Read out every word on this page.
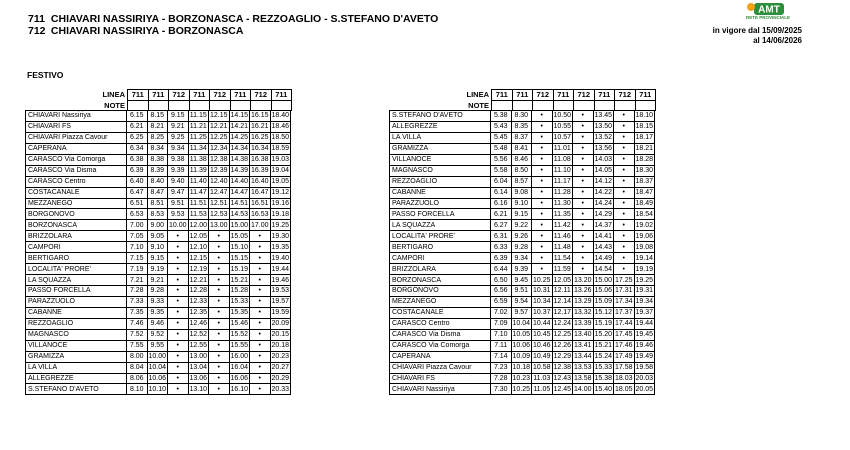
711 CHIAVARI NASSIRIYA - BORZONASCA - REZZOAGLIO - S.STEFANO D'AVETO
712 CHIAVARI NASSIRIYA - BORZONASCA
AMT
RETE PROVINCIALE
in vigore dal 15/09/2025
al 14/06/2026
FESTIVO
LINEA	711	711	712	711	712	711	712	711
NOTE								
CHIAVARI Nassiriya	6.15	8.15	9.15	11.15	12.15	14.15	16.15	18.40
CHIAVARI FS	6.21	8.21	9.21	11.21	12.21	14.21	16.21	18.46
CHIAVARI Piazza Cavour	6.25	8.25	9.25	11.25	12.25	14.25	16.25	18.50
CAPERANA	6.34	8.34	9.34	11.34	12.34	14.34	16.34	18.59
CARASCO Via Comorga	6.38	8.38	9.38	11.38	12.38	14.38	16.38	19.03
CARASCO Via Disma	6.39	8.39	9.39	11.39	12.39	14.39	16.39	19.04
CARASCO Centro	6.40	8.40	9.40	11.40	12.40	14.40	16.40	19.05
COSTACANALE	6.47	8.47	9.47	11.47	12.47	14.47	16.47	19.12
MEZZANEGO	6.51	8.51	9.51	11.51	12.51	14.51	16.51	19.16
BORGONOVO	6.53	8.53	9.53	11.53	12.53	14.53	16.53	19.18
BORZONASCA	7.00	9.00	10.00	12.00	13.00	15.00	17.00	19.25
BRIZZOLARA	7.05	9.05	•	12.05	•	15.05	•	19.30
CAMPORI	7.10	9.10	•	12.10	•	15.10	•	19.35
BERTIGARO	7.15	9.15	•	12.15	•	15.15	•	19.40
LOCALITA' PRORE'	7.19	9.19	•	12.19	•	15.19	•	19.44
LA SQUAZZA	7.21	9.21	•	12.21	•	15.21	•	19.46
PASSO FORCELLA	7.28	9.28	•	12.28	•	15.28	•	19.53
PARAZZUOLO	7.33	9.33	•	12.33	•	15.33	•	19.57
CABANNE	7.35	9.35	•	12.35	•	15.35	•	19.59
REZZOAGLIO	7.46	9.46	•	12.46	•	15.46	•	20.09
MAGNASCO	7.52	9.52	•	12.52	•	15.52	•	20.15
VILLANOCE	7.55	9.55	•	12.55	•	15.55	•	20.18
GRAMIZZA	8.00	10.00	•	13.00	•	16.00	•	20.23
LA VILLA	8.04	10.04	•	13.04	•	16.04	•	20.27
ALLEGREZZE	8.06	10.06	•	13.06	•	16.06	•	20.29
S.STEFANO D'AVETO	8.10	10.10	•	13.10	•	16.10	•	20.33
LINEA	711	711	712	711	712	711	712	711
NOTE								
S.STEFANO D'AVETO	5.38	8.30	•	10.50	•	13.45	•	18.10
ALLEGREZZE	5.43	8.35	•	10.55	•	13.50	•	18.15
LA VILLA	5.45	8.37	•	10.57	•	13.52	•	18.17
GRAMIZZA	5.48	8.41	•	11.01	•	13.56	•	18.21
VILLANOCE	5.56	8.46	•	11.08	•	14.03	•	18.28
MAGNASCO	5.58	8.50	•	11.10	•	14.05	•	18.30
REZZOAGLIO	6.04	8.57	•	11.17	•	14.12	•	18.37
CABANNE	6.14	9.08	•	11.28	•	14.22	•	18.47
PARAZZUOLO	6.16	9.10	•	11.30	•	14.24	•	18.49
PASSO FORCELLA	6.21	9.15	•	11.35	•	14.29	•	18.54
LA SQUAZZA	6.27	9.22	•	11.42	•	14.37	•	19.02
LOCALITA' PRORE'	6.31	9.26	•	11.46	•	14.41	•	19.06
BERTIGARO	6.33	9.28	•	11.48	•	14.43	•	19.08
CAMPORI	6.39	9.34	•	11.54	•	14.49	•	19.14
BRIZZOLARA	6.44	9.39	•	11.59	•	14.54	•	19.19
BORZONASCA	6.50	9.45	10.25	12.05	13.20	15.00	17.25	19.25
BORGONOVO	6.56	9.51	10.31	12.11	13.26	15.06	17.31	19.31
MEZZANEGO	6.59	9.54	10.34	12.14	13.29	15.09	17.34	19.34
COSTACANALE	7.02	9.57	10.37	12.17	13.32	15.12	17.37	19.37
CARASCO Centro	7.09	10.04	10.44	12.24	13.39	15.19	17.44	19.44
CARASCO Via Disma	7.10	10.05	10.45	12.25	13.40	15.20	17.45	19.45
CARASCO Via Comorga	7.11	10.06	10.46	12.26	13.41	15.21	17.46	19.46
CAPERANA	7.14	10.09	10.49	12.29	13.44	15.24	17.49	19.49
CHIAVARI Piazza Cavour	7.23	10.18	10.58	12.38	13.53	15.33	17.58	19.58
CHIAVARI FS	7.28	10.23	11.03	12.43	13.58	15.38	18.03	20.03
CHIAVARI Nassiriya	7.30	10.25	11.05	12.45	14.00	15.40	18.05	20.05
